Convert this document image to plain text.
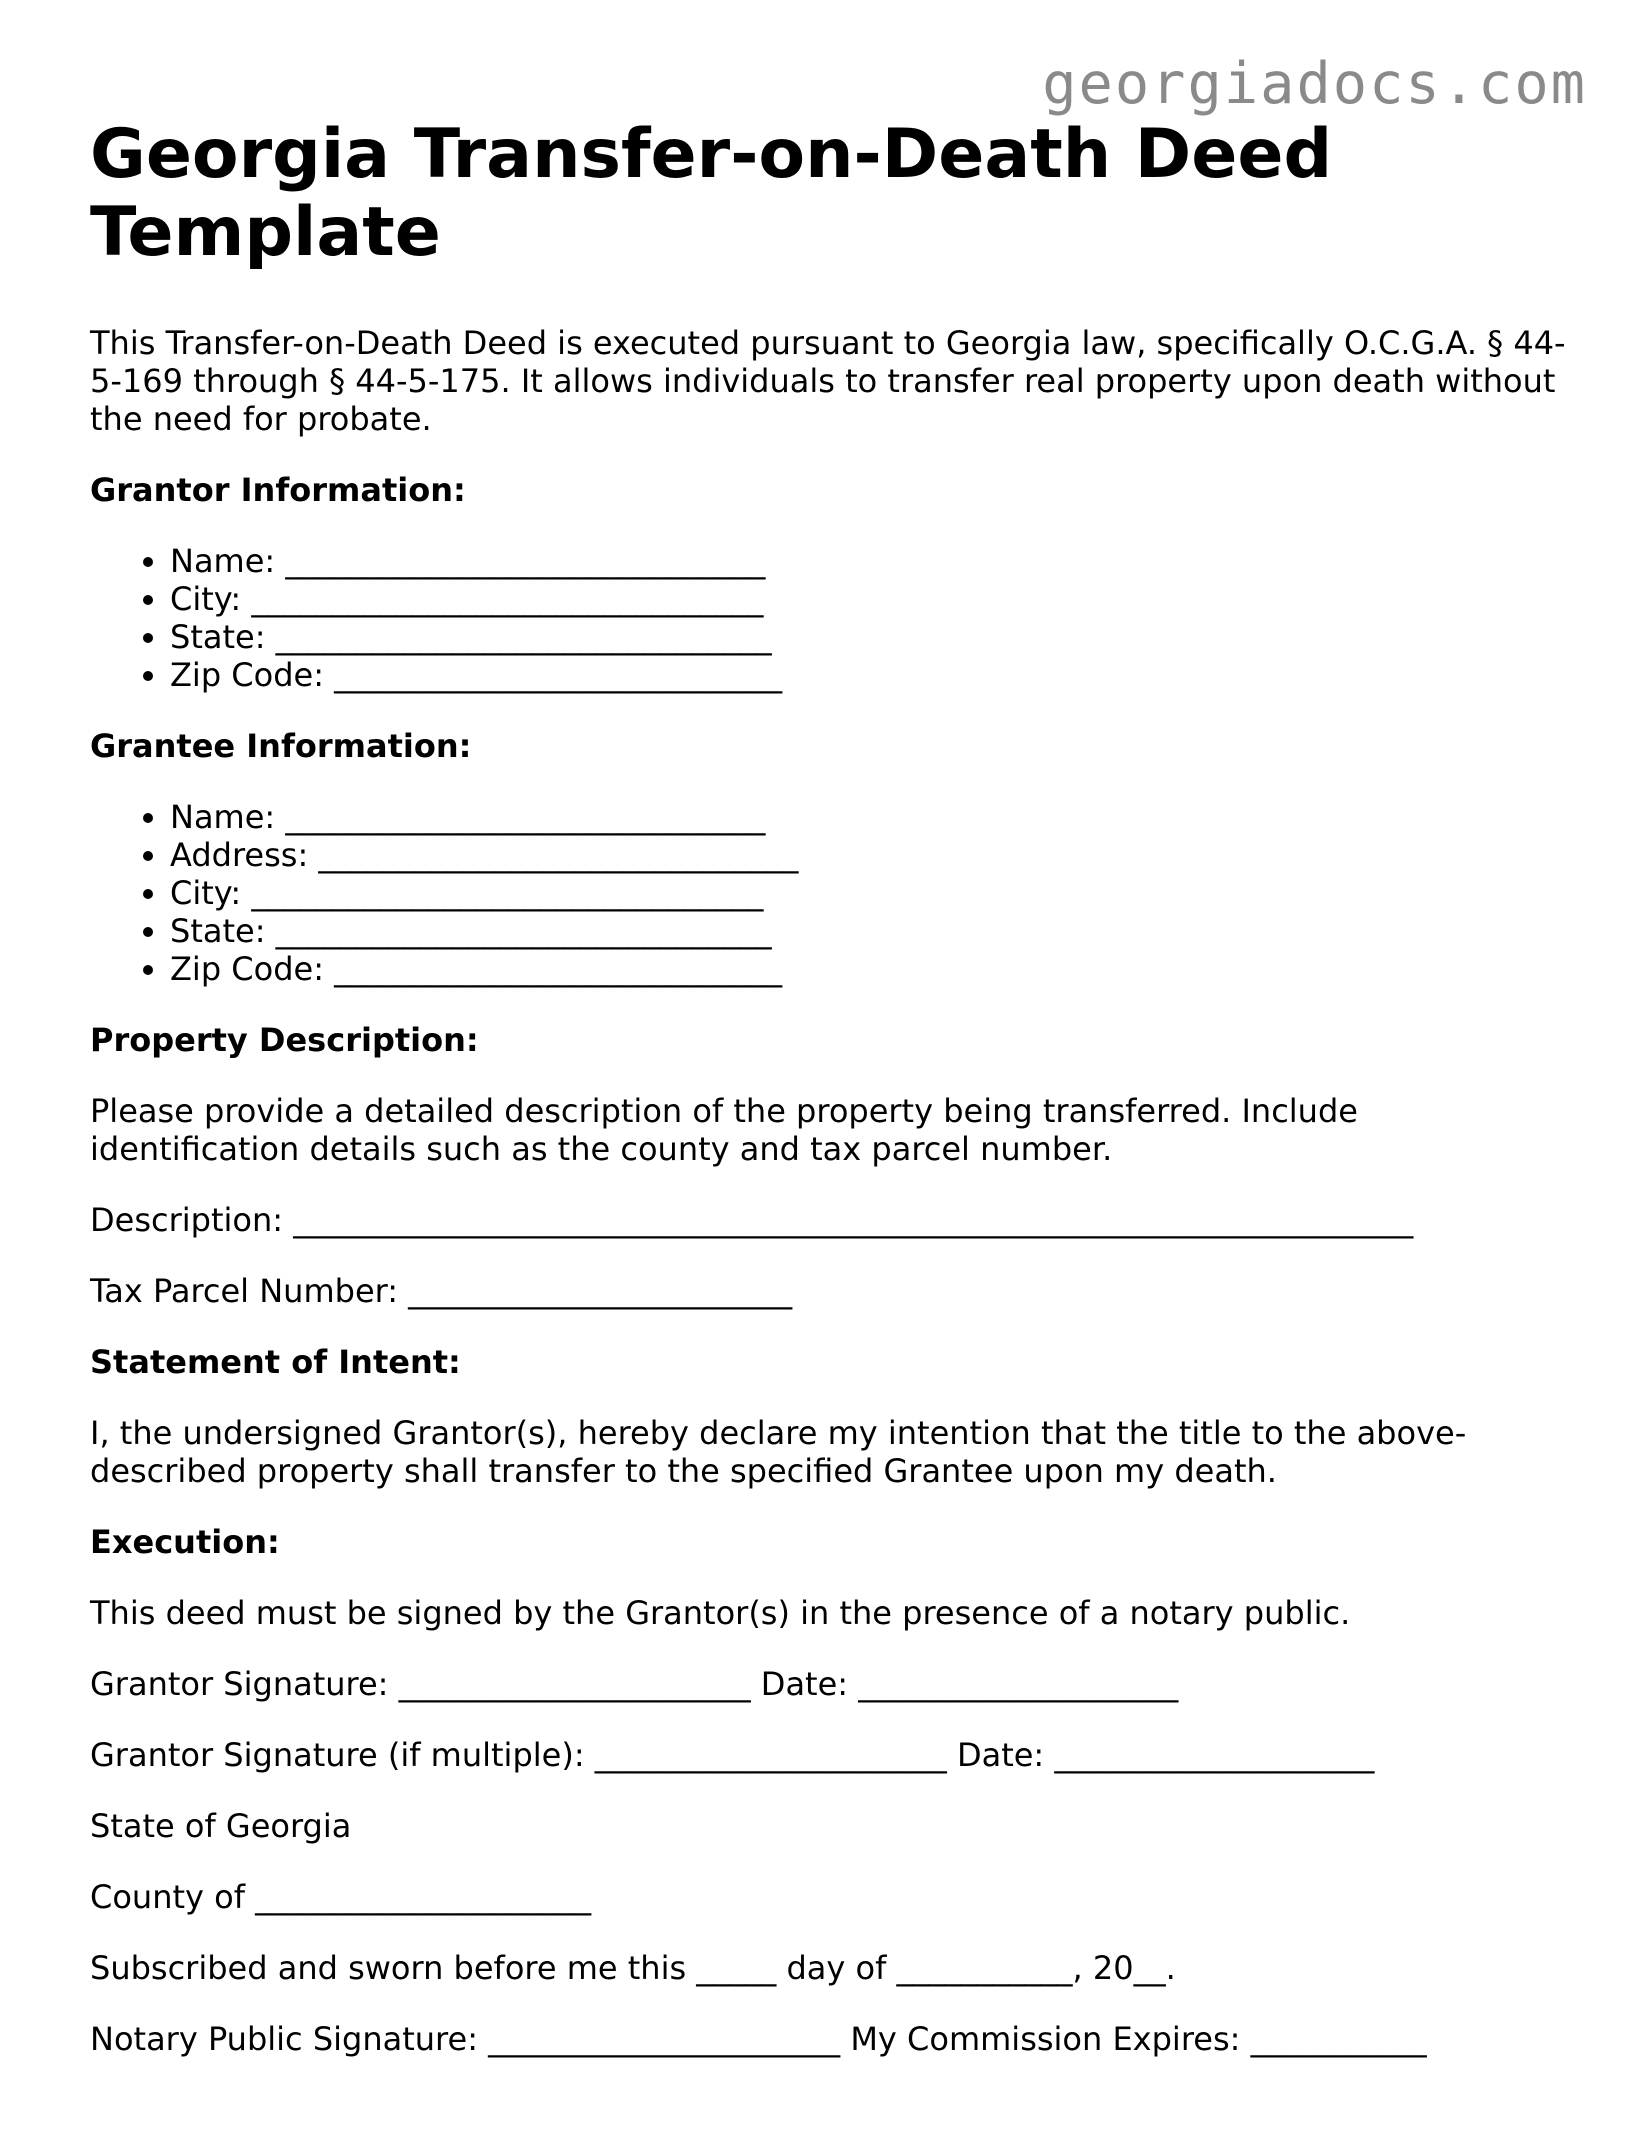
georgiadocs.com
Georgia Transfer-on-Death Deed Template

This Transfer-on-Death Deed is executed pursuant to Georgia law, specifically O.C.G.A. § 44-5-169 through § 44-5-175. It allows individuals to transfer real property upon death without the need for probate.

Grantor Information:
• Name: ______________________________
• City: ________________________________
• State: _______________________________
• Zip Code: ____________________________
Grantee Information:
• Name: ______________________________
• Address: ______________________________
• City: ________________________________
• State: _______________________________
• Zip Code: ____________________________
Property Description:

Please provide a detailed description of the property being transferred. Include identification details such as the county and tax parcel number.

Description: ______________________________________________________________________

Tax Parcel Number: ________________________

Statement of Intent:

I, the undersigned Grantor(s), hereby declare my intention that the title to the above-described property shall transfer to the specified Grantee upon my death.

Execution:

This deed must be signed by the Grantor(s) in the presence of a notary public.

Grantor Signature: ______________________ Date: ____________________

Grantor Signature (if multiple): ______________________ Date: ____________________

State of Georgia

County of _____________________

Subscribed and sworn before me this _____ day of ___________, 20__.

Notary Public Signature: ______________________ My Commission Expires: ___________
